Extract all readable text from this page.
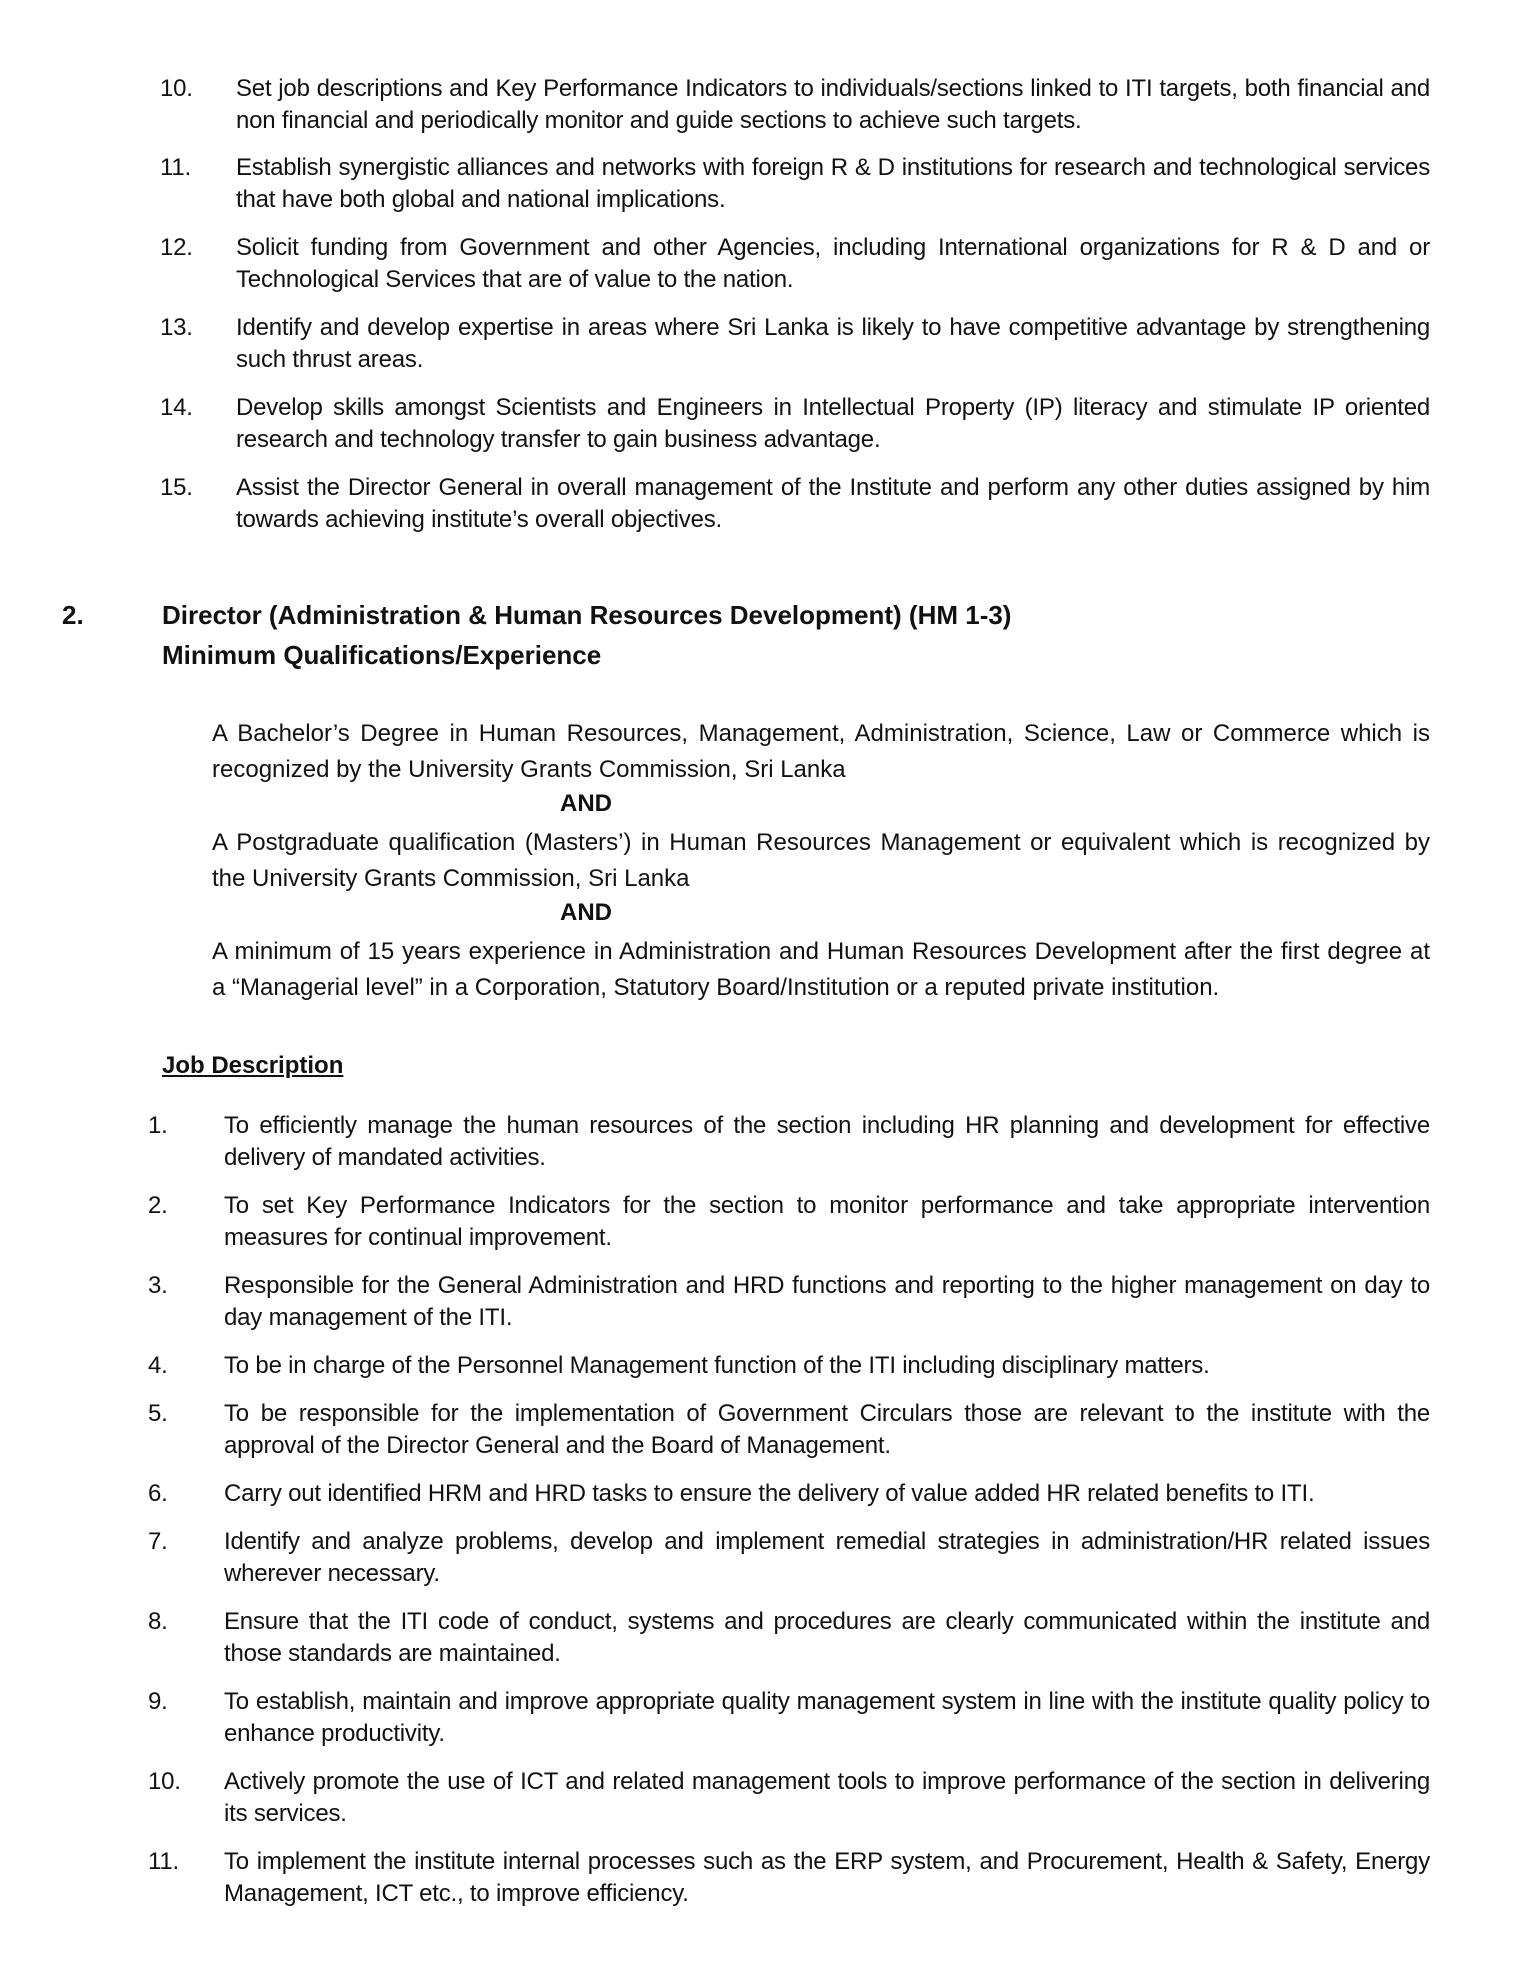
10. Set job descriptions and Key Performance Indicators to individuals/sections linked to ITI targets, both financial and non financial and periodically monitor and guide sections to achieve such targets.
11. Establish synergistic alliances and networks with foreign R & D institutions for research and technological services that have both global and national implications.
12. Solicit funding from Government and other Agencies, including International organizations for R & D and or Technological Services that are of value to the nation.
13. Identify and develop expertise in areas where Sri Lanka is likely to have competitive advantage by strengthening such thrust areas.
14. Develop skills amongst Scientists and Engineers in Intellectual Property (IP) literacy and stimulate IP oriented research and technology transfer to gain business advantage.
15. Assist the Director General in overall management of the Institute and perform any other duties assigned by him towards achieving institute’s overall objectives.
2.	Director (Administration & Human Resources Development) (HM 1-3)
Minimum Qualifications/Experience
A Bachelor’s Degree in Human Resources, Management, Administration, Science, Law or Commerce which is recognized by the University Grants Commission, Sri Lanka
AND
A Postgraduate qualification (Masters’) in Human Resources Management or equivalent which is recognized by the University Grants Commission, Sri Lanka
AND
A minimum of 15 years experience in Administration and Human Resources Development after the first degree at a “Managerial level” in a Corporation, Statutory Board/Institution or a reputed private institution.
Job Description
1. To efficiently manage the human resources of the section including HR planning and development for effective delivery of mandated activities.
2. To set Key Performance Indicators for the section to monitor performance and take appropriate intervention measures for continual improvement.
3. Responsible for the General Administration and HRD functions and reporting to the higher management on day to day management of the ITI.
4. To be in charge of the Personnel Management function of the ITI including disciplinary matters.
5. To be responsible for the implementation of Government Circulars those are relevant to the institute with the approval of the Director General and the Board of Management.
6. Carry out identified HRM and HRD tasks to ensure the delivery of value added HR related benefits to ITI.
7. Identify and analyze problems, develop and implement remedial strategies in administration/HR related issues wherever necessary.
8. Ensure that the ITI code of conduct, systems and procedures are clearly communicated within the institute and those standards are maintained.
9. To establish, maintain and improve appropriate quality management system in line with the institute quality policy to enhance productivity.
10. Actively promote the use of ICT and related management tools to improve performance of the section in delivering its services.
11. To implement the institute internal processes such as the ERP system, and Procurement, Health & Safety, Energy Management, ICT etc., to improve efficiency.
